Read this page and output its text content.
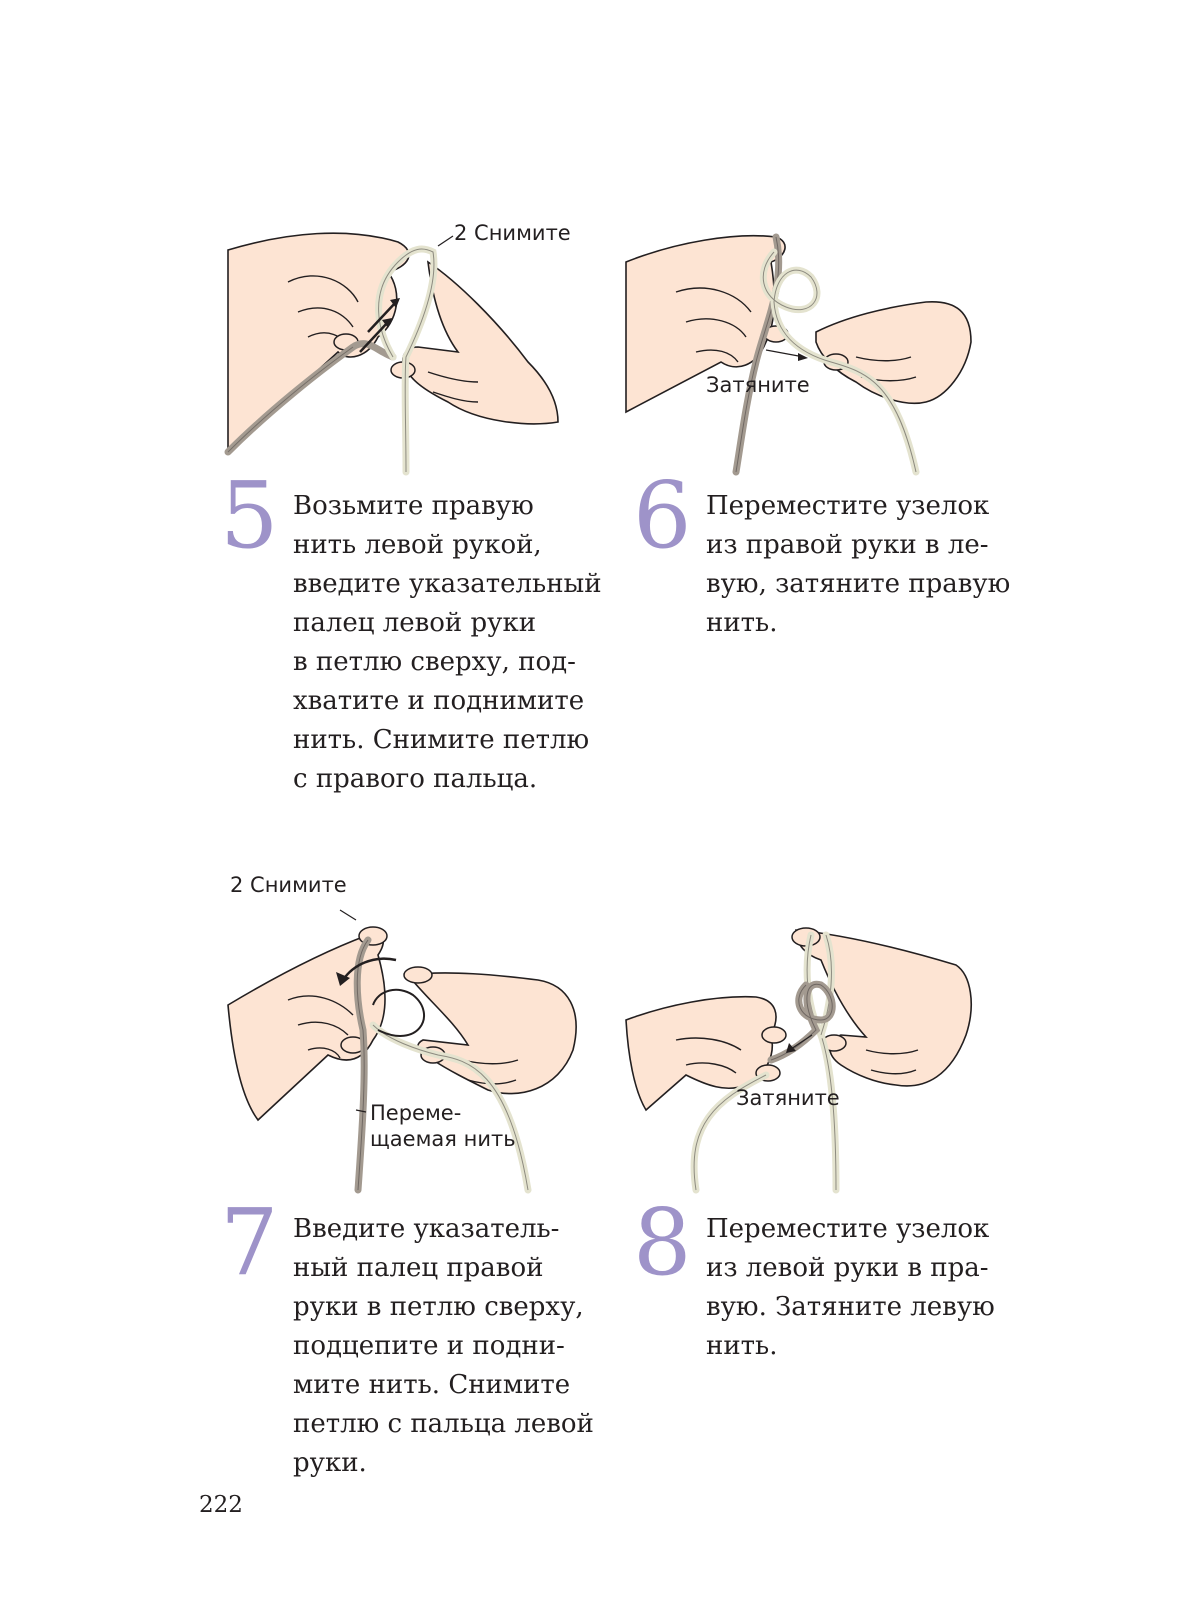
2 Снимите
Затяните
5 Возьмите правую
нить левой рукой,
введите указательный
палец левой руки
в петлю сверху, под-
хватите и поднимите
нить. Снимите петлю
с правого пальца.

6 Переместите узелок
из правой руки в ле-
вую, затяните правую
нить.

2 Снимите
Переме-
щаемая нить
Затяните
7 Введите указатель-
ный палец правой
руки в петлю сверху,
подцепите и подни-
мите нить. Снимите
петлю с пальца левой
руки.

8 Переместите узелок
из левой руки в пра-
вую. Затяните левую
нить.

222
